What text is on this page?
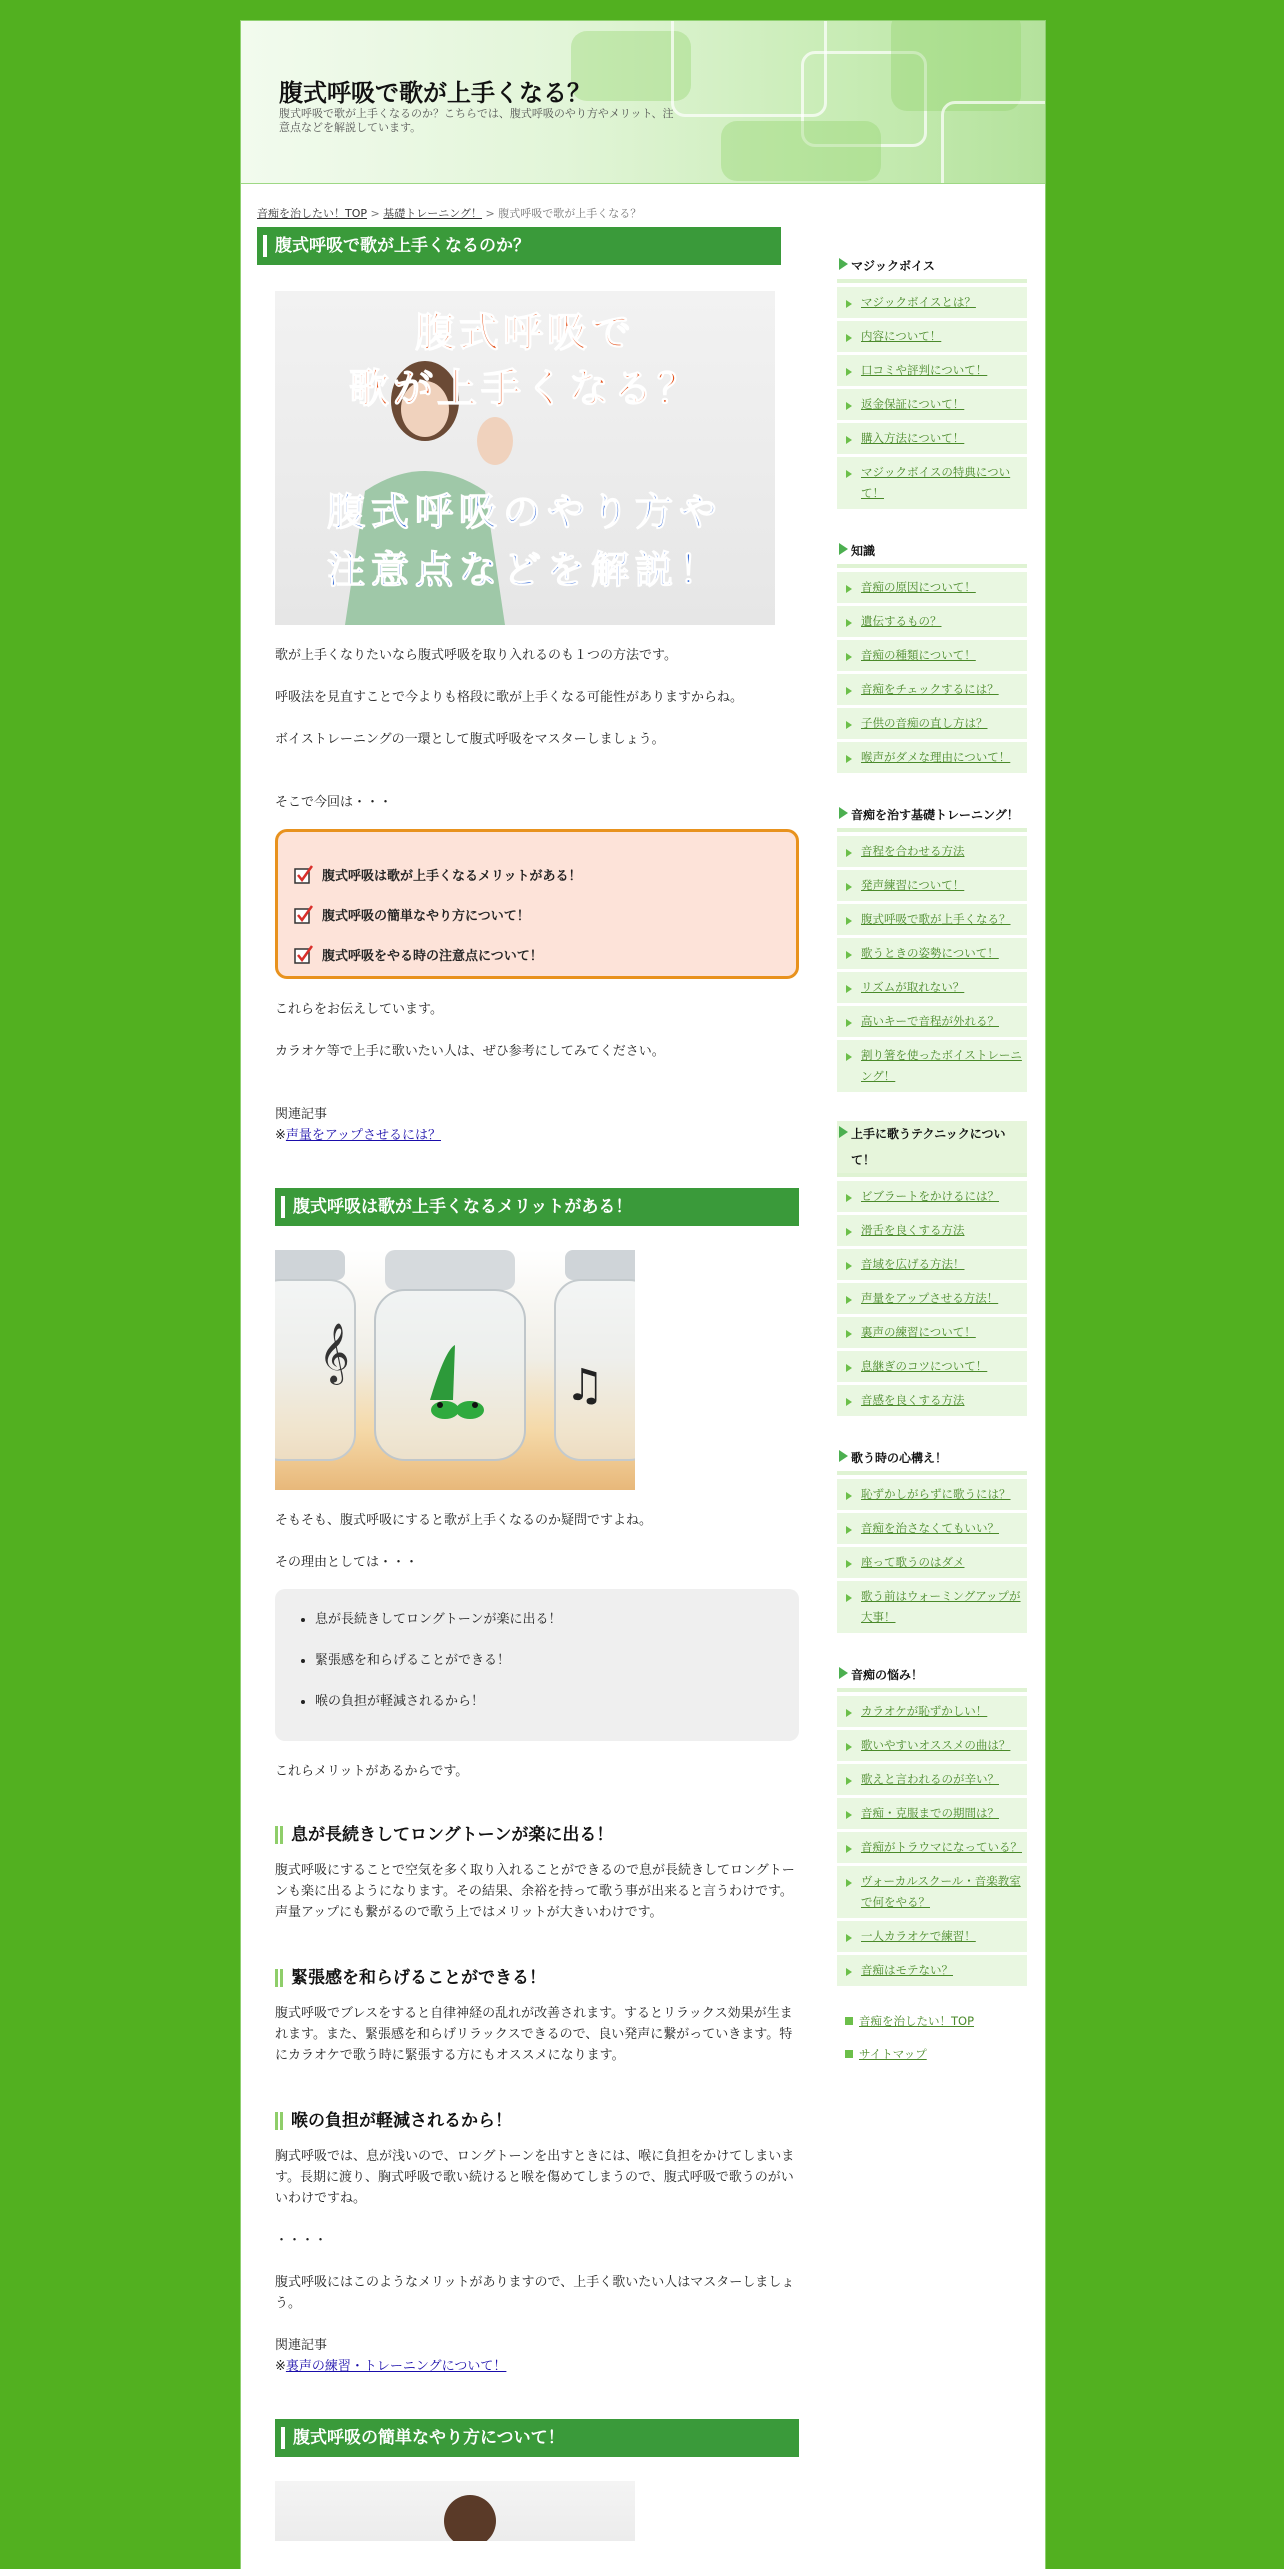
腹式呼吸で歌が上手くなる？

腹式呼吸で歌が上手くなるのか？こちらでは、腹式呼吸のやり方やメリット、注意点などを解説しています。

音痴を治したい！TOP > 基礎トレーニング！ > 腹式呼吸で歌が上手くなる？
腹式呼吸で歌が上手くなるのか？
腹式呼吸で
歌が上手くなる？
腹式呼吸のやり方や
注意点などを解説！

歌が上手くなりたいなら腹式呼吸を取り入れるのも１つの方法です。

呼吸法を見直すことで今よりも格段に歌が上手くなる可能性がありますからね。

ボイストレーニングの一環として腹式呼吸をマスターしましょう。

そこで今回は・・・

腹式呼吸は歌が上手くなるメリットがある！
腹式呼吸の簡単なやり方について！
腹式呼吸をやる時の注意点について！

これらをお伝えしています。

カラオケ等で上手に歌いたい人は、ぜひ参考にしてみてください。

関連記事

※声量をアップさせるには？

腹式呼吸は歌が上手くなるメリットがある！
𝄞
♫

そもそも、腹式呼吸にすると歌が上手くなるのか疑問ですよね。

その理由としては・・・

• 息が長続きしてロングトーンが楽に出る！
• 緊張感を和らげることができる！
• 喉の負担が軽減されるから！

これらメリットがあるからです。

息が長続きしてロングトーンが楽に出る！

腹式呼吸にすることで空気を多く取り入れることができるので息が長続きしてロングトーンも楽に出るようになります。その結果、余裕を持って歌う事が出来ると言うわけです。声量アップにも繋がるので歌う上ではメリットが大きいわけです。

緊張感を和らげることができる！

腹式呼吸でブレスをすると自律神経の乱れが改善されます。するとリラックス効果が生まれます。また、緊張感を和らげリラックスできるので、良い発声に繋がっていきます。特にカラオケで歌う時に緊張する方にもオススメになります。

喉の負担が軽減されるから！

胸式呼吸では、息が浅いので、ロングトーンを出すときには、喉に負担をかけてしまいます。長期に渡り、胸式呼吸で歌い続けると喉を傷めてしまうので、腹式呼吸で歌うのがいいわけですね。

・・・・

腹式呼吸にはこのようなメリットがありますので、上手く歌いたい人はマスターしましょう。

関連記事

※裏声の練習・トレーニングについて！

腹式呼吸の簡単なやり方について！
マジックボイス
マジックボイスとは？
内容について！
口コミや評判について！
返金保証について！
購入方法について！
マジックボイスの特典について！
知識
音痴の原因について！
遺伝するもの？
音痴の種類について！
音痴をチェックするには？
子供の音痴の直し方は？
喉声がダメな理由について！
音痴を治す基礎トレーニング！
音程を合わせる方法
発声練習について！
腹式呼吸で歌が上手くなる？
歌うときの姿勢について！
リズムが取れない？
高いキーで音程が外れる？
割り箸を使ったボイストレーニング！
上手に歌うテクニックについて！
ビブラートをかけるには？
滑舌を良くする方法
音域を広げる方法！
声量をアップさせる方法！
裏声の練習について！
息継ぎのコツについて！
音感を良くする方法
歌う時の心構え！
恥ずかしがらずに歌うには？
音痴を治さなくてもいい？
座って歌うのはダメ
歌う前はウォーミングアップが大事！
音痴の悩み！
カラオケが恥ずかしい！
歌いやすいオススメの曲は？
歌えと言われるのが辛い？
音痴・克服までの期間は？
音痴がトラウマになっている？
ヴォーカルスクール・音楽教室で何をやる？
一人カラオケで練習！
音痴はモテない？
音痴を治したい！TOP
サイトマップ
